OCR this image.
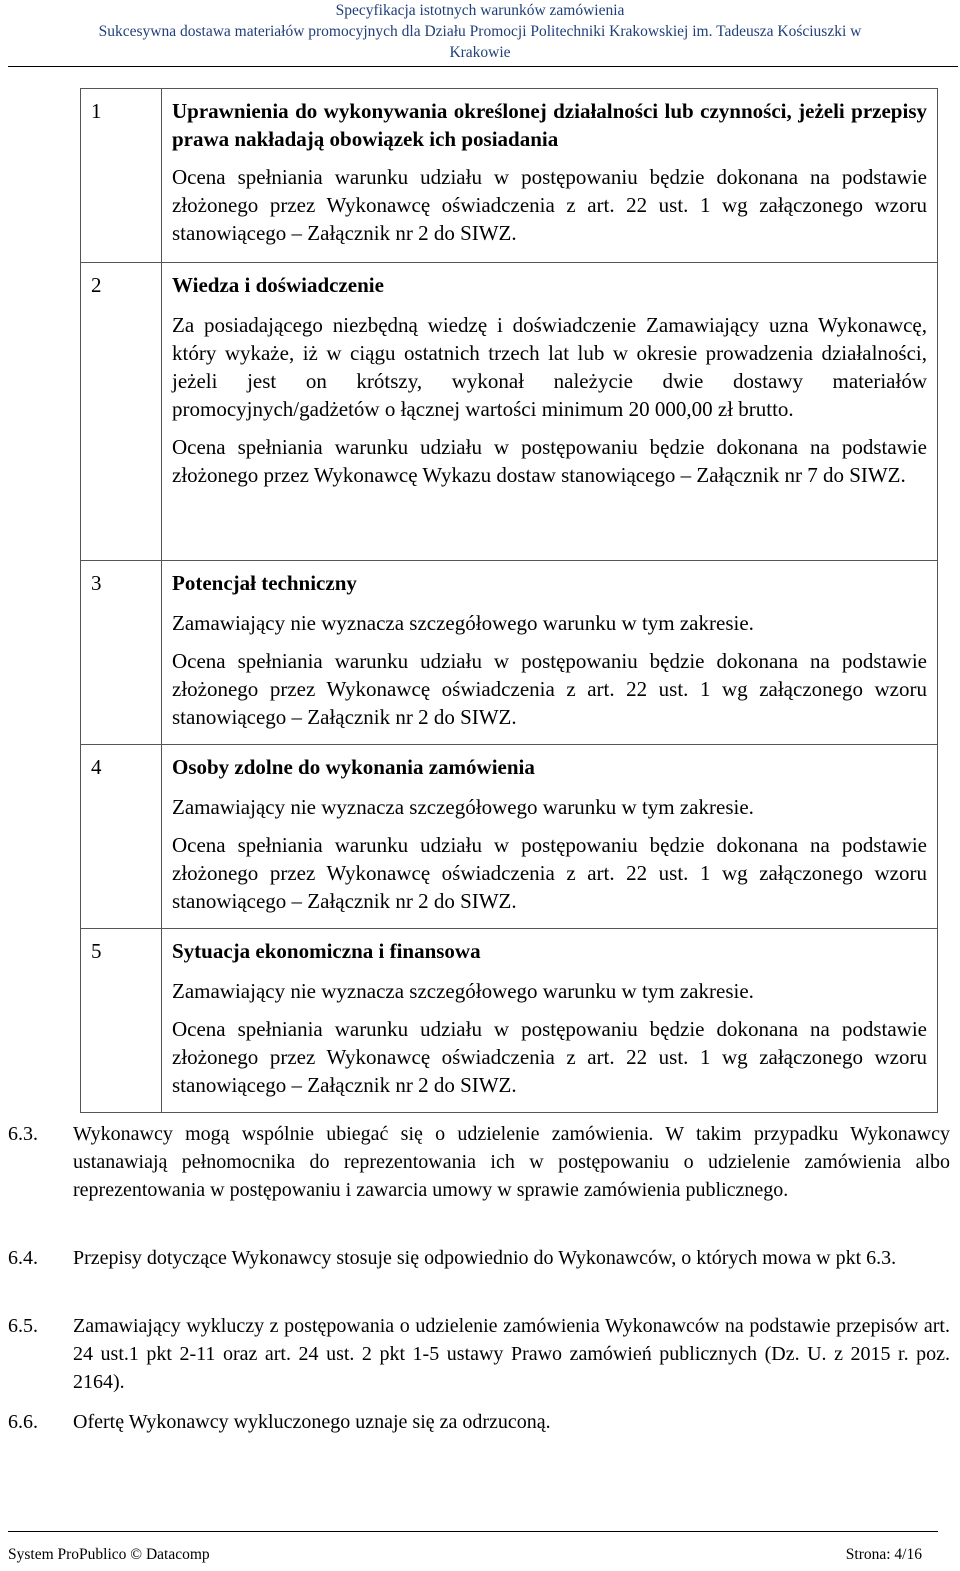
Specyfikacja istotnych warunków zamówienia
Sukcesywna dostawa materiałów promocyjnych dla Działu Promocji Politechniki Krakowskiej im. Tadeusza Kościuszki w
Krakowie
1	Uprawnienia do wykonywania określonej działalności lub czynności, jeżeli przepisy prawa nakładają obowiązek ich posiadania
Ocena spełniania warunku udziału w postępowaniu będzie dokonana na podstawie złożonego przez Wykonawcę oświadczenia z art. 22 ust. 1 wg załączonego wzoru stanowiącego – Załącznik nr 2 do SIWZ.

2	Wiedza i doświadczenie
Za posiadającego niezbędną wiedzę i doświadczenie Zamawiający uzna Wykonawcę, który wykaże, iż w ciągu ostatnich trzech lat lub w okresie prowadzenia działalności, jeżeli jest on krótszy, wykonał należycie dwie dostawy materiałów promocyjnych/gadżetów o łącznej wartości minimum 20 000,00 zł brutto.
Ocena spełniania warunku udziału w postępowaniu będzie dokonana na podstawie złożonego przez Wykonawcę Wykazu dostaw stanowiącego – Załącznik nr 7 do SIWZ.

3	Potencjał techniczny
Zamawiający nie wyznacza szczegółowego warunku w tym zakresie.
Ocena spełniania warunku udziału w postępowaniu będzie dokonana na podstawie złożonego przez Wykonawcę oświadczenia z art. 22 ust. 1 wg załączonego wzoru stanowiącego – Załącznik nr 2 do SIWZ.

4	Osoby zdolne do wykonania zamówienia
Zamawiający nie wyznacza szczegółowego warunku w tym zakresie.
Ocena spełniania warunku udziału w postępowaniu będzie dokonana na podstawie złożonego przez Wykonawcę oświadczenia z art. 22 ust. 1 wg załączonego wzoru stanowiącego – Załącznik nr 2 do SIWZ.

5	Sytuacja ekonomiczna i finansowa
Zamawiający nie wyznacza szczegółowego warunku w tym zakresie.
Ocena spełniania warunku udziału w postępowaniu będzie dokonana na podstawie złożonego przez Wykonawcę oświadczenia z art. 22 ust. 1 wg załączonego wzoru stanowiącego – Załącznik nr 2 do SIWZ.
6.3. Wykonawcy mogą wspólnie ubiegać się o udzielenie zamówienia. W takim przypadku Wykonawcy ustanawiają pełnomocnika do reprezentowania ich w postępowaniu o udzielenie zamówienia albo reprezentowania w postępowaniu i zawarcia umowy w sprawie zamówienia publicznego.
6.4. Przepisy dotyczące Wykonawcy stosuje się odpowiednio do Wykonawców, o których mowa w pkt 6.3.
6.5. Zamawiający wykluczy z postępowania o udzielenie zamówienia Wykonawców na podstawie przepisów art. 24 ust.1 pkt 2-11 oraz art. 24 ust. 2 pkt 1-5 ustawy Prawo zamówień publicznych (Dz. U. z 2015 r. poz. 2164).
6.6. Ofertę Wykonawcy wykluczonego uznaje się za odrzuconą.
System ProPublico © Datacomp	Strona: 4/16
